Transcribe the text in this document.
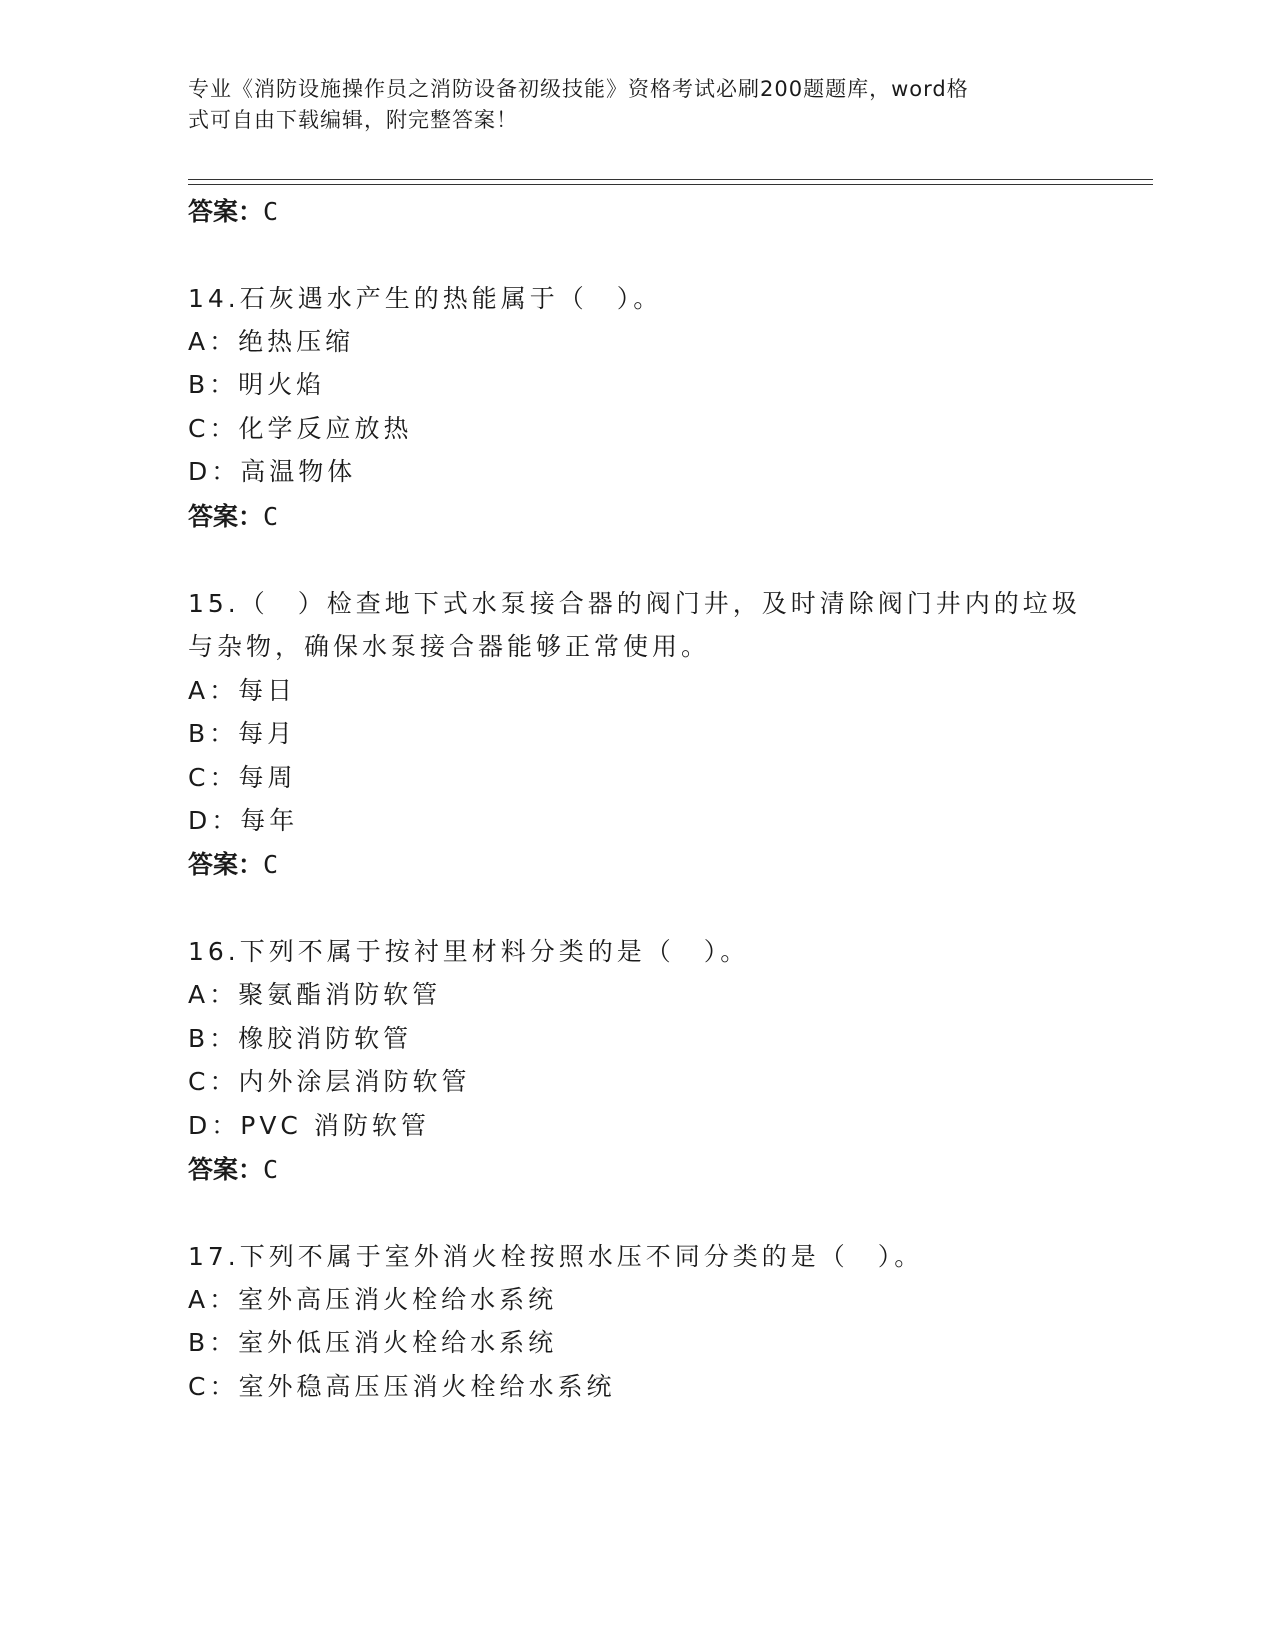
专业《消防设施操作员之消防设备初级技能》资格考试必刷200题题库，word格
式可自由下载编辑，附完整答案！
答案：C
14.石灰遇水产生的热能属于（　）。
A：绝热压缩
B：明火焰
C：化学反应放热
D：高温物体
答案：C
15.（　）检查地下式水泵接合器的阀门井，及时清除阀门井内的垃圾
与杂物，确保水泵接合器能够正常使用。
A：每日
B：每月
C：每周
D：每年
答案：C
16.下列不属于按衬里材料分类的是（　）。
A：聚氨酯消防软管
B：橡胶消防软管
C：内外涂层消防软管
D：PVC 消防软管
答案：C
17.下列不属于室外消火栓按照水压不同分类的是（　）。
A：室外高压消火栓给水系统
B：室外低压消火栓给水系统
C：室外稳高压压消火栓给水系统
